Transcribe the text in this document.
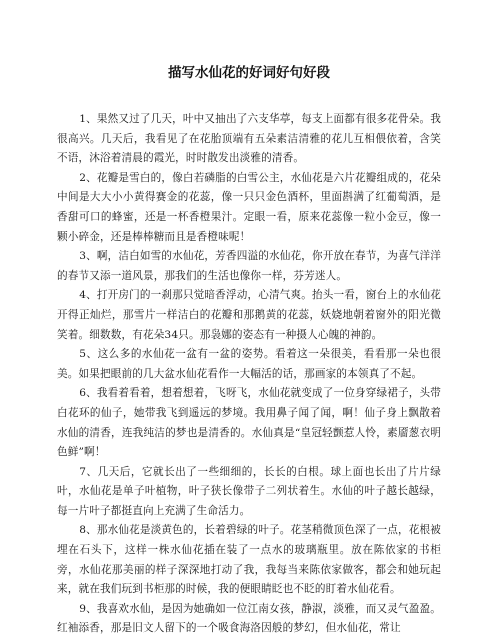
描写水仙花的好词好句好段

1、果然又过了几天，叶中又抽出了六支华葶，每支上面都有很多花骨朵。我很高兴。几天后，我看见了在花胎顶端有五朵素洁清雅的花儿互相偎依着，含笑不语，沐浴着清晨的霞光，时时散发出淡雅的清香。

2、花瓣是雪白的，像白若磷脂的白雪公主，水仙花是六片花瓣组成的，花朵中间是大大小小黄得赛金的花蕊，像一只只金色酒杯，里面斟满了红葡萄酒，是香甜可口的蜂蜜，还是一杯香橙果汁。定眼一看，原来花蕊像一粒小金豆，像一颗小碎金，还是棒棒糖而且是香橙味呢！

3、啊，洁白如雪的水仙花，芳香四溢的水仙花，你开放在春节，为喜气洋洋的春节又添一道风景，那我们的生活也像你一样，芬芳迷人。

4、打开房门的一刹那只觉暗香浮动，心清气爽。抬头一看，窗台上的水仙花开得正灿烂，那雪片一样洁白的花瓣和那鹅黄的花蕊，妖娆地朝着窗外的阳光微笑着。细数数，有花朵34只。那袅娜的姿态有一种摄人心魄的神韵。

5、这么多的水仙花一盆有一盆的姿势。看着这一朵很美，看看那一朵也很美。如果把眼前的几大盆水仙花看作一大幅活的话，那画家的本领真了不起。

6、我看着看着，想着想着，飞呀飞，水仙花就变成了一位身穿绿裙子，头带白花环的仙子，她带我飞到遥远的梦境。我用鼻子闻了闻，啊！仙子身上飘散着水仙的清香，连我纯洁的梦也是清香的。水仙真是“皇冠轻颤惹人怜，素靥葱衣明色鲜”啊！

7、几天后，它就长出了一些细细的，长长的白根。球上面也长出了片片绿叶，水仙花是单子叶植物，叶子狭长像带子二列状着生。水仙的叶子越长越绿，每一片叶子都挺直向上充满了生命活力。

8、那水仙花是淡黄色的，长着碧绿的叶子。花茎稍微顶色深了一点，花根被埋在石头下，这样一株水仙花插在装了一点水的玻璃瓶里。放在陈依家的书柜旁，水仙花那美丽的样子深深地打动了我，我每当来陈依家做客，都会和她玩起来，就在我们玩到书柜那的时候，我的便眼睛眨也不眨的盯着水仙花看。

9、我喜欢水仙，是因为她确如一位江南女孩，静淑，淡雅，而又灵气盈盈。红袖添香，那是旧文人留下的一个吸食海洛因般的梦幻，但水仙花，常让
